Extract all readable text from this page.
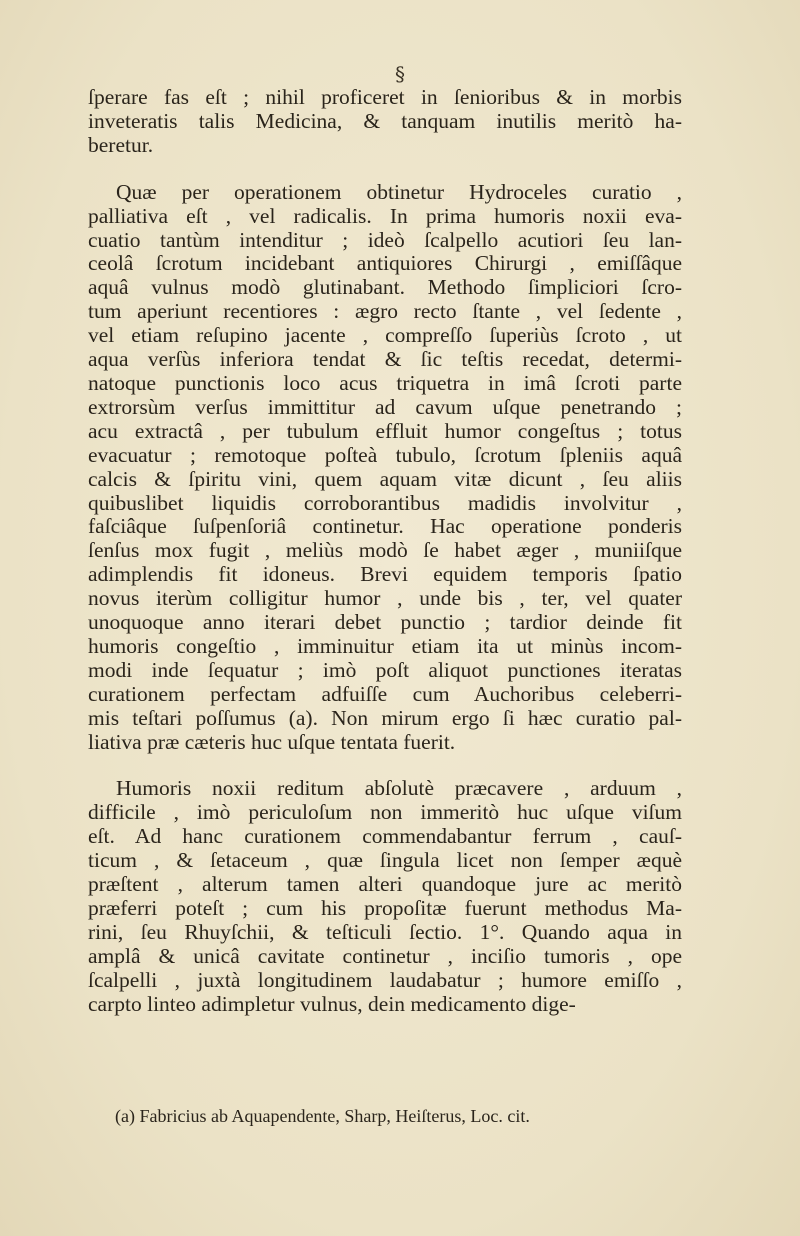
§
ſperare fas eſt ; nihil proficeret in ſenioribus & in morbis
inveteratis talis Medicina, & tanquam inutilis meritò ha-
beretur.
Quæ per operationem obtinetur Hydroceles curatio ,
palliativa eſt , vel radicalis. In prima humoris noxii eva-
cuatio tantùm intenditur ; ideò ſcalpello acutiori ſeu lan-
ceolâ ſcrotum incidebant antiquiores Chirurgi , emiſſâque
aquâ vulnus modò glutinabant. Methodo ſimpliciori ſcro-
tum aperiunt recentiores : ægro recto ſtante , vel ſedente ,
vel etiam reſupino jacente , compreſſo ſuperiùs ſcroto , ut
aqua verſùs inferiora tendat & ſic teſtis recedat, determi-
natoque punctionis loco acus triquetra in imâ ſcroti parte
extrorsùm verſus immittitur ad cavum uſque penetrando ;
acu extractâ , per tubulum effluit humor congeſtus ; totus
evacuatur ; remotoque poſteà tubulo, ſcrotum ſpleniis aquâ
calcis & ſpiritu vini, quem aquam vitæ dicunt , ſeu aliis
quibuslibet liquidis corroborantibus madidis involvitur ,
faſciâque ſuſpenſoriâ continetur. Hac operatione ponderis
ſenſus mox fugit , meliùs modò ſe habet æger , muniiſque
adimplendis fit idoneus. Brevi equidem temporis ſpatio
novus iterùm colligitur humor , unde bis , ter, vel quater
unoquoque anno iterari debet punctio ; tardior deinde fit
humoris congeſtio , imminuitur etiam ita ut minùs incom-
modi inde ſequatur ; imò poſt aliquot punctiones iteratas
curationem perfectam adfuiſſe cum Auchoribus celeberri-
mis teſtari poſſumus (a). Non mirum ergo ſi hæc curatio pal-
liativa præ cæteris huc uſque tentata fuerit.
Humoris noxii reditum abſolutè præcavere , arduum ,
difficile , imò periculoſum non immeritò huc uſque viſum
eſt. Ad hanc curationem commendabantur ferrum , cauſ-
ticum , & ſetaceum , quæ ſingula licet non ſemper æquè
præſtent , alterum tamen alteri quandoque jure ac meritò
præferri poteſt ; cum his propoſitæ fuerunt methodus Ma-
rini, ſeu Rhuyſchii, & teſticuli ſectio. 1°. Quando aqua in
amplâ & unicâ cavitate continetur , inciſio tumoris , ope
ſcalpelli , juxtà longitudinem laudabatur ; humore emiſſo ,
carpto linteo adimpletur vulnus, dein medicamento dige-
(a) Fabricius ab Aquapendente, Sharp, Heiſterus, Loc. cit.
